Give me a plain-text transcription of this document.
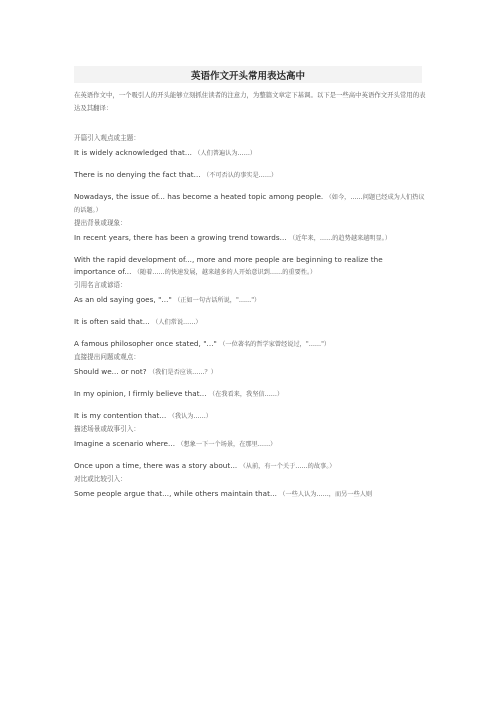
英语作文开头常用表达高中
在英语作文中，一个吸引人的开头能够立刻抓住读者的注意力，为整篇文章定下基调。以下是一些高中英语作文开头常用的表达及其翻译：
开篇引入观点或主题：
It is widely acknowledged that... （人们普遍认为……）
There is no denying the fact that... （不可否认的事实是……）
Nowadays, the issue of... has become a heated topic among people. （如今，……问题已经成为人们热议的话题。）
提出背景或现象：
In recent years, there has been a growing trend towards... （近年来，……的趋势越来越明显。）
With the rapid development of..., more and more people are beginning to realize the importance of... （随着……的快速发展，越来越多的人开始意识到……的重要性。）
引用名言或谚语：
As an old saying goes, "..." （正如一句古话所说，"……"）
It is often said that... （人们常说……）
A famous philosopher once stated, "..." （一位著名的哲学家曾经说过，"……"）
直接提出问题或观点：
Should we... or not? （我们是否应该……？）
In my opinion, I firmly believe that... （在我看来，我坚信……）
It is my contention that... （我认为……）
描述场景或故事引入：
Imagine a scenario where... （想象一下一个场景，在那里……）
Once upon a time, there was a story about... （从前，有一个关于……的故事。）
对比或比较引入：
Some people argue that..., while others maintain that... （一些人认为……，而另一些人则
